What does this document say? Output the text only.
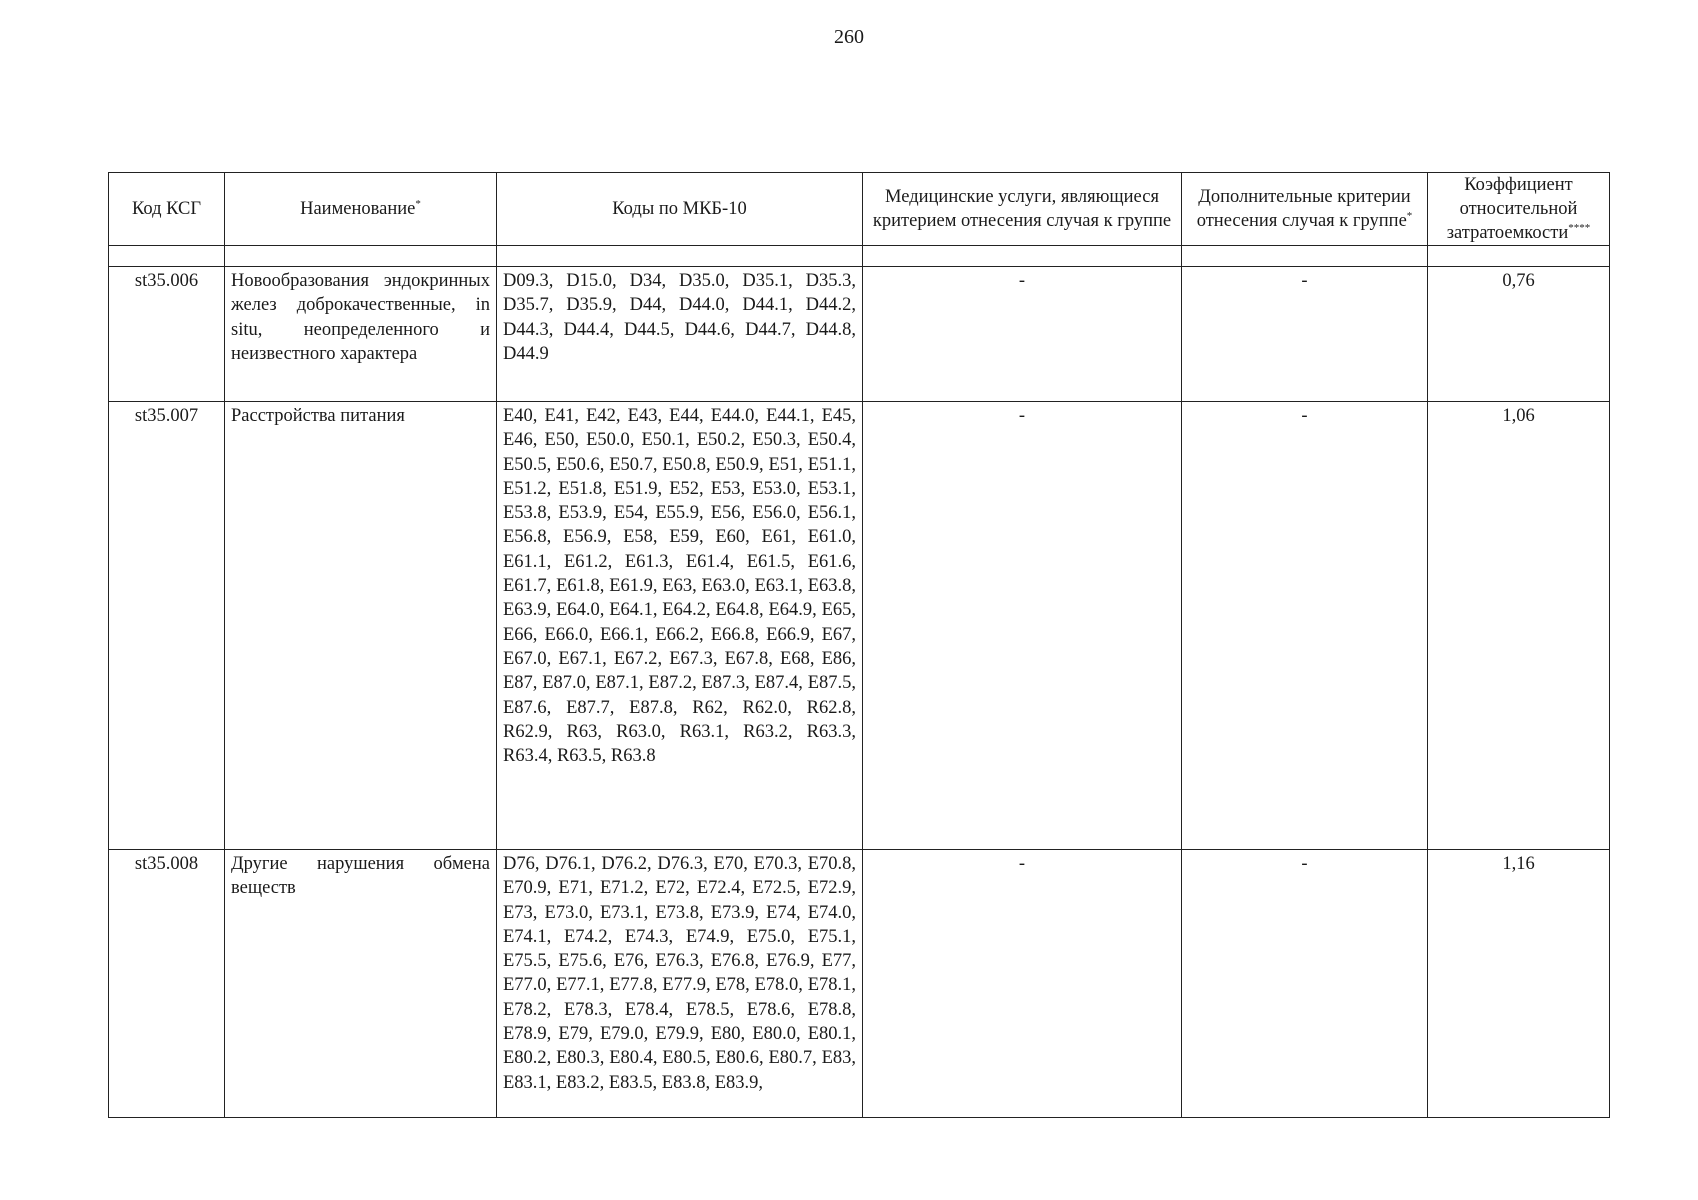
260
Код КСГ	Наименование*	Коды по МКБ-10	Медицинские услуги, являющиеся критерием отнесения случая к группе	Дополнительные критерии отнесения случая к группе*	Коэффициент относительной затратоемкости****

st35.006	Новообразования эндокринных желез доброкачественные, in situ, неопределенного и неизвестного характера	D09.3, D15.0, D34, D35.0, D35.1, D35.3, D35.7, D35.9, D44, D44.0, D44.1, D44.2, D44.3, D44.4, D44.5, D44.6, D44.7, D44.8, D44.9	-	-	0,76
st35.007	Расстройства питания	E40, E41, E42, E43, E44, E44.0, E44.1, E45, E46, E50, E50.0, E50.1, E50.2, E50.3, E50.4, E50.5, E50.6, E50.7, E50.8, E50.9, E51, E51.1, E51.2, E51.8, E51.9, E52, E53, E53.0, E53.1, E53.8, E53.9, E54, E55.9, E56, E56.0, E56.1, E56.8, E56.9, E58, E59, E60, E61, E61.0, E61.1, E61.2, E61.3, E61.4, E61.5, E61.6, E61.7, E61.8, E61.9, E63, E63.0, E63.1, E63.8, E63.9, E64.0, E64.1, E64.2, E64.8, E64.9, E65, E66, E66.0, E66.1, E66.2, E66.8, E66.9, E67, E67.0, E67.1, E67.2, E67.3, E67.8, E68, E86, E87, E87.0, E87.1, E87.2, E87.3, E87.4, E87.5, E87.6, E87.7, E87.8, R62, R62.0, R62.8, R62.9, R63, R63.0, R63.1, R63.2, R63.3, R63.4, R63.5, R63.8	-	-	1,06
st35.008	Другие нарушения обмена веществ	D76, D76.1, D76.2, D76.3, E70, E70.3, E70.8, E70.9, E71, E71.2, E72, E72.4, E72.5, E72.9, E73, E73.0, E73.1, E73.8, E73.9, E74, E74.0, E74.1, E74.2, E74.3, E74.9, E75.0, E75.1, E75.5, E75.6, E76, E76.3, E76.8, E76.9, E77, E77.0, E77.1, E77.8, E77.9, E78, E78.0, E78.1, E78.2, E78.3, E78.4, E78.5, E78.6, E78.8, E78.9, E79, E79.0, E79.9, E80, E80.0, E80.1, E80.2, E80.3, E80.4, E80.5, E80.6, E80.7, E83, E83.1, E83.2, E83.5, E83.8, E83.9,	-	-	1,16
